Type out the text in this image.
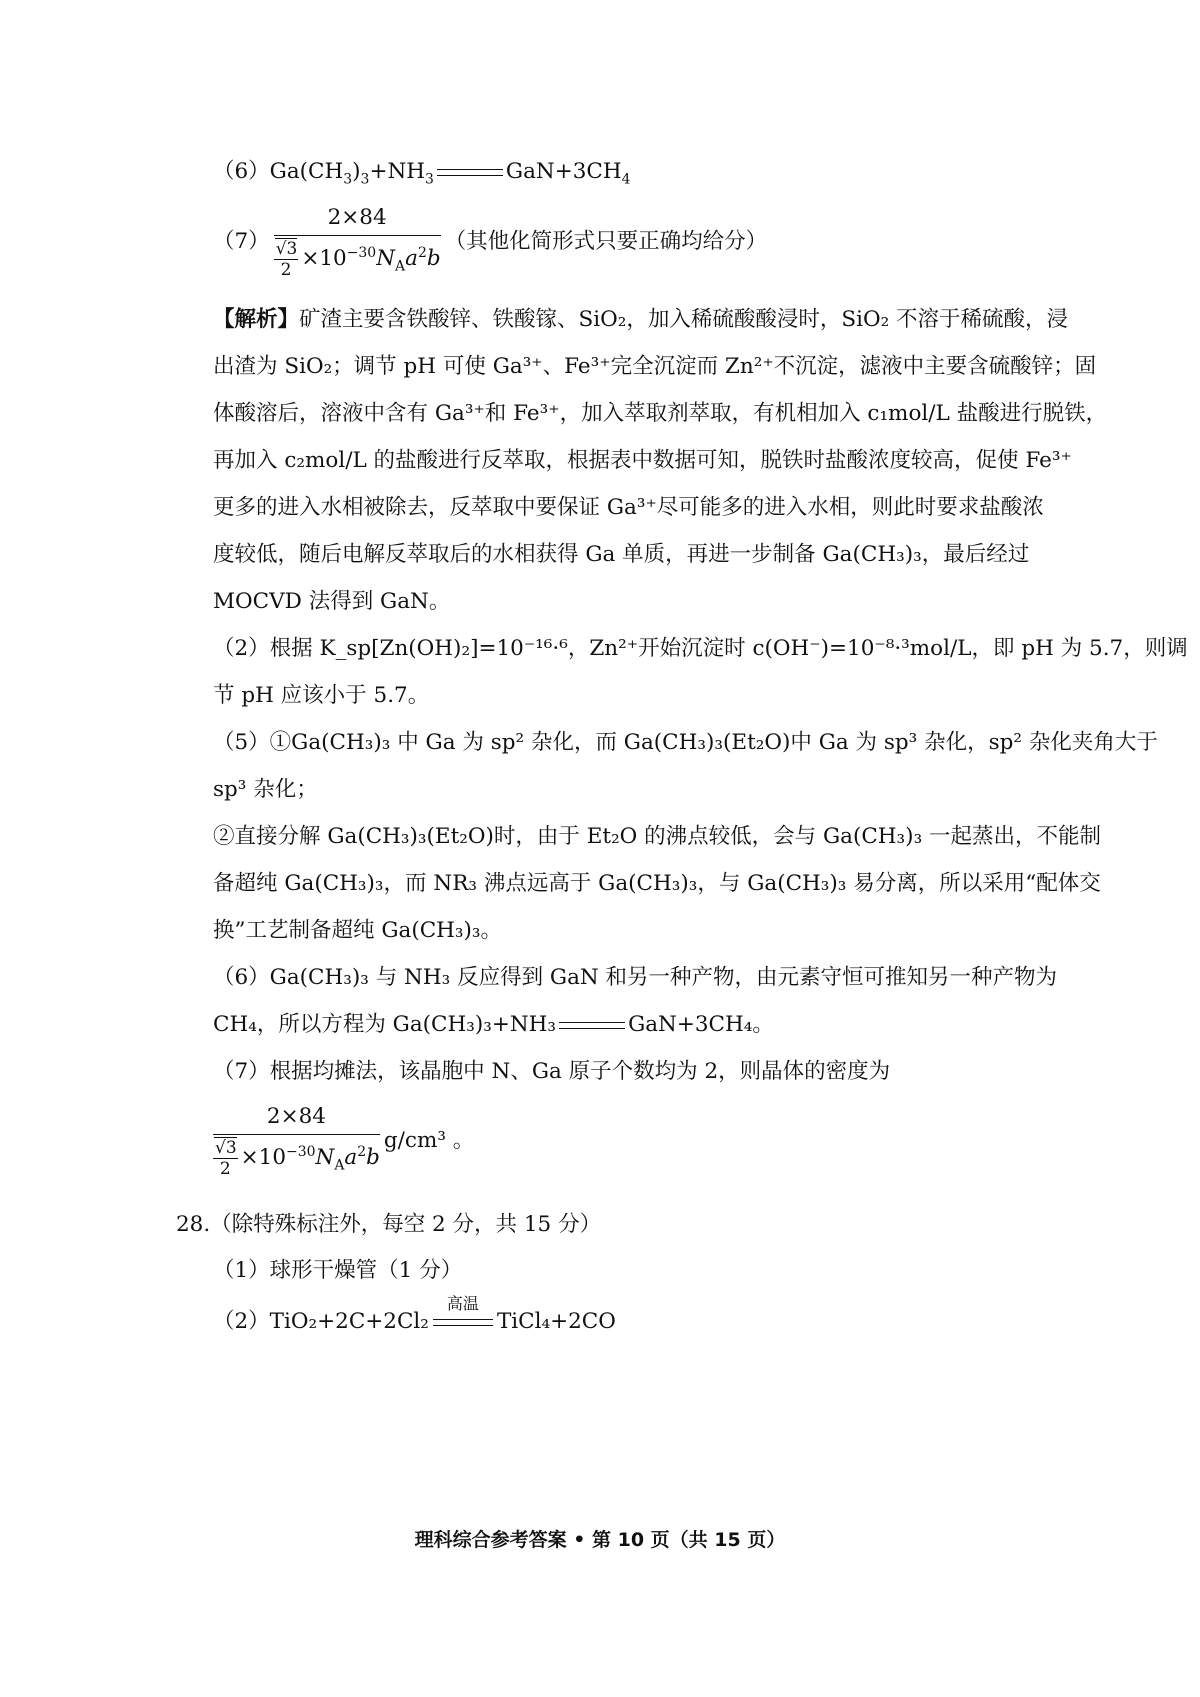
$(6)Ga(CH_3)_3+NH_3$	$GaN+3CH_4$
$(7) \frac{2\times 84}{\frac{√3}{2} \times 10^{-30}N_Aa^2b}$ （其他化简形式只要正确均给分）
【解析】矿渣主要含铁酸锌、铁酸镓、SiO₂，加入稀硫酸酸浸时，SiO₂ 不溶于稀硫酸，浸
出渣为 SiO₂；调节 pH 可使 Ga³⁺、Fe³⁺完全沉淀而 Zn²⁺不沉淀，滤液中主要含硫酸锌；固
体酸溶后，溶液中含有 Ga³⁺和 Fe³⁺，加入萃取剂萃取，有机相加入 c₁mol/L 盐酸进行脱铁，
再加入 c₂mol/L 的盐酸进行反萃取，根据表中数据可知，脱铁时盐酸浓度较高，促使 Fe³⁺
更多的进入水相被除去，反萃取中要保证 Ga³⁺尽可能多的进入水相，则此时要求盐酸浓
度较低，随后电解反萃取后的水相获得 Ga 单质，再进一步制备 Ga(CH₃)₃，最后经过
MOCVD 法得到 GaN。
（2）根据 K_sp[Zn(OH)₂]=10⁻¹⁶·⁶，Zn²⁺开始沉淀时 c(OH⁻)=10⁻⁸·³mol/L，即 pH 为 5.7，则调
节 pH 应该小于 5.7。
（5）①Ga(CH₃)₃ 中 Ga 为 sp² 杂化，而 Ga(CH₃)₃(Et₂O)中 Ga 为 sp³ 杂化，sp² 杂化夹角大于
sp³ 杂化；
②直接分解 Ga(CH₃)₃(Et₂O)时，由于 Et₂O 的沸点较低，会与 Ga(CH₃)₃ 一起蒸出，不能制
备超纯 Ga(CH₃)₃，而 NR₃ 沸点远高于 Ga(CH₃)₃，与 Ga(CH₃)₃ 易分离，所以采用“配体交
换”工艺制备超纯 Ga(CH₃)₃。
（6）Ga(CH₃)₃ 与 NH₃ 反应得到 GaN 和另一种产物，由元素守恒可推知另一种产物为
CH₄，所以方程为 Ga(CH₃)₃+NH₃	GaN+3CH₄。
（7）根据均摊法，该晶胞中 N、Ga 原子个数均为 2，则晶体的密度为
$\frac{2\times 84}{\frac{√3}{2} \times 10^{-30}N_Aa^2b} g/cm^3$ 。
28.（除特殊标注外，每空 2 分，共 15 分）
（1）球形干燥管（1 分）
（2）TiO₂+2C+2Cl₂
高温
TiCl₄+2CO
理科综合参考答案 • 第 10 页（共 15 页）
